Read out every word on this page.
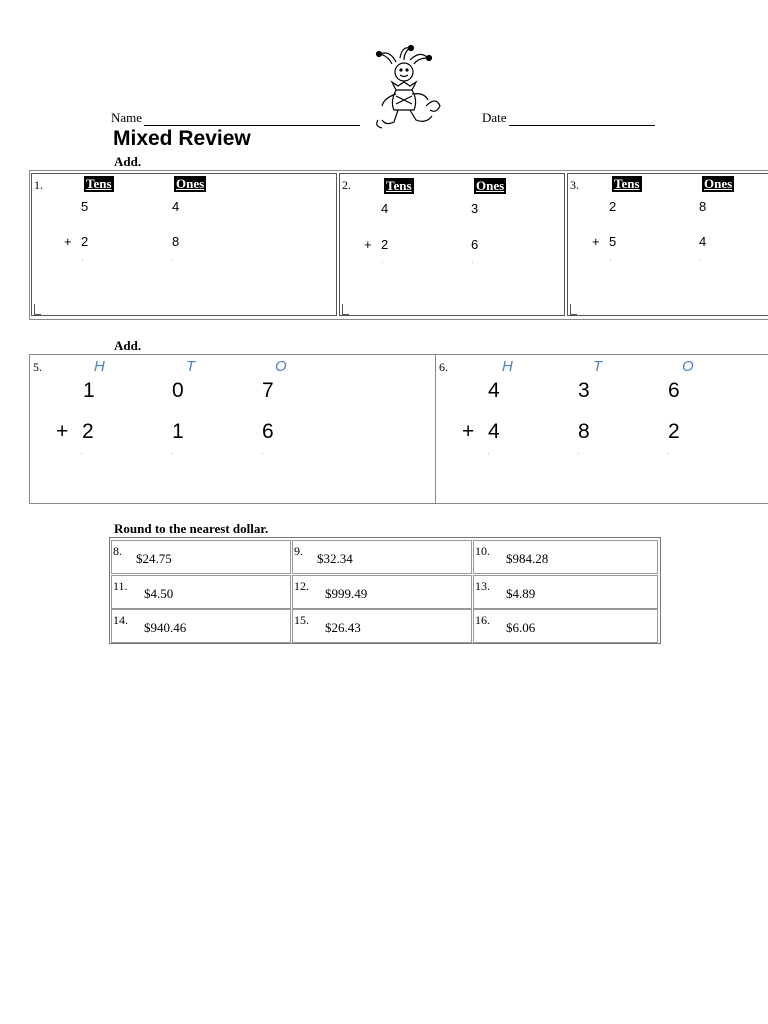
Name	Date
Mixed Review
Add.
1.	Tens	Ones
5	4
+ 2	8
2.	Tens	Ones
4	3
+ 2	6
3.	Tens	Ones
2	8
+ 5	4
Add.
5.	H	T	O
1	0	7
+ 2	1	6
6.	H	T	O
4	3	6
+ 4	8	2
Round to the nearest dollar.
8. $24.75	9. $32.34	10. $984.28
11. $4.50	12. $999.49	13. $4.89
14. $940.46	15. $26.43	16. $6.06
